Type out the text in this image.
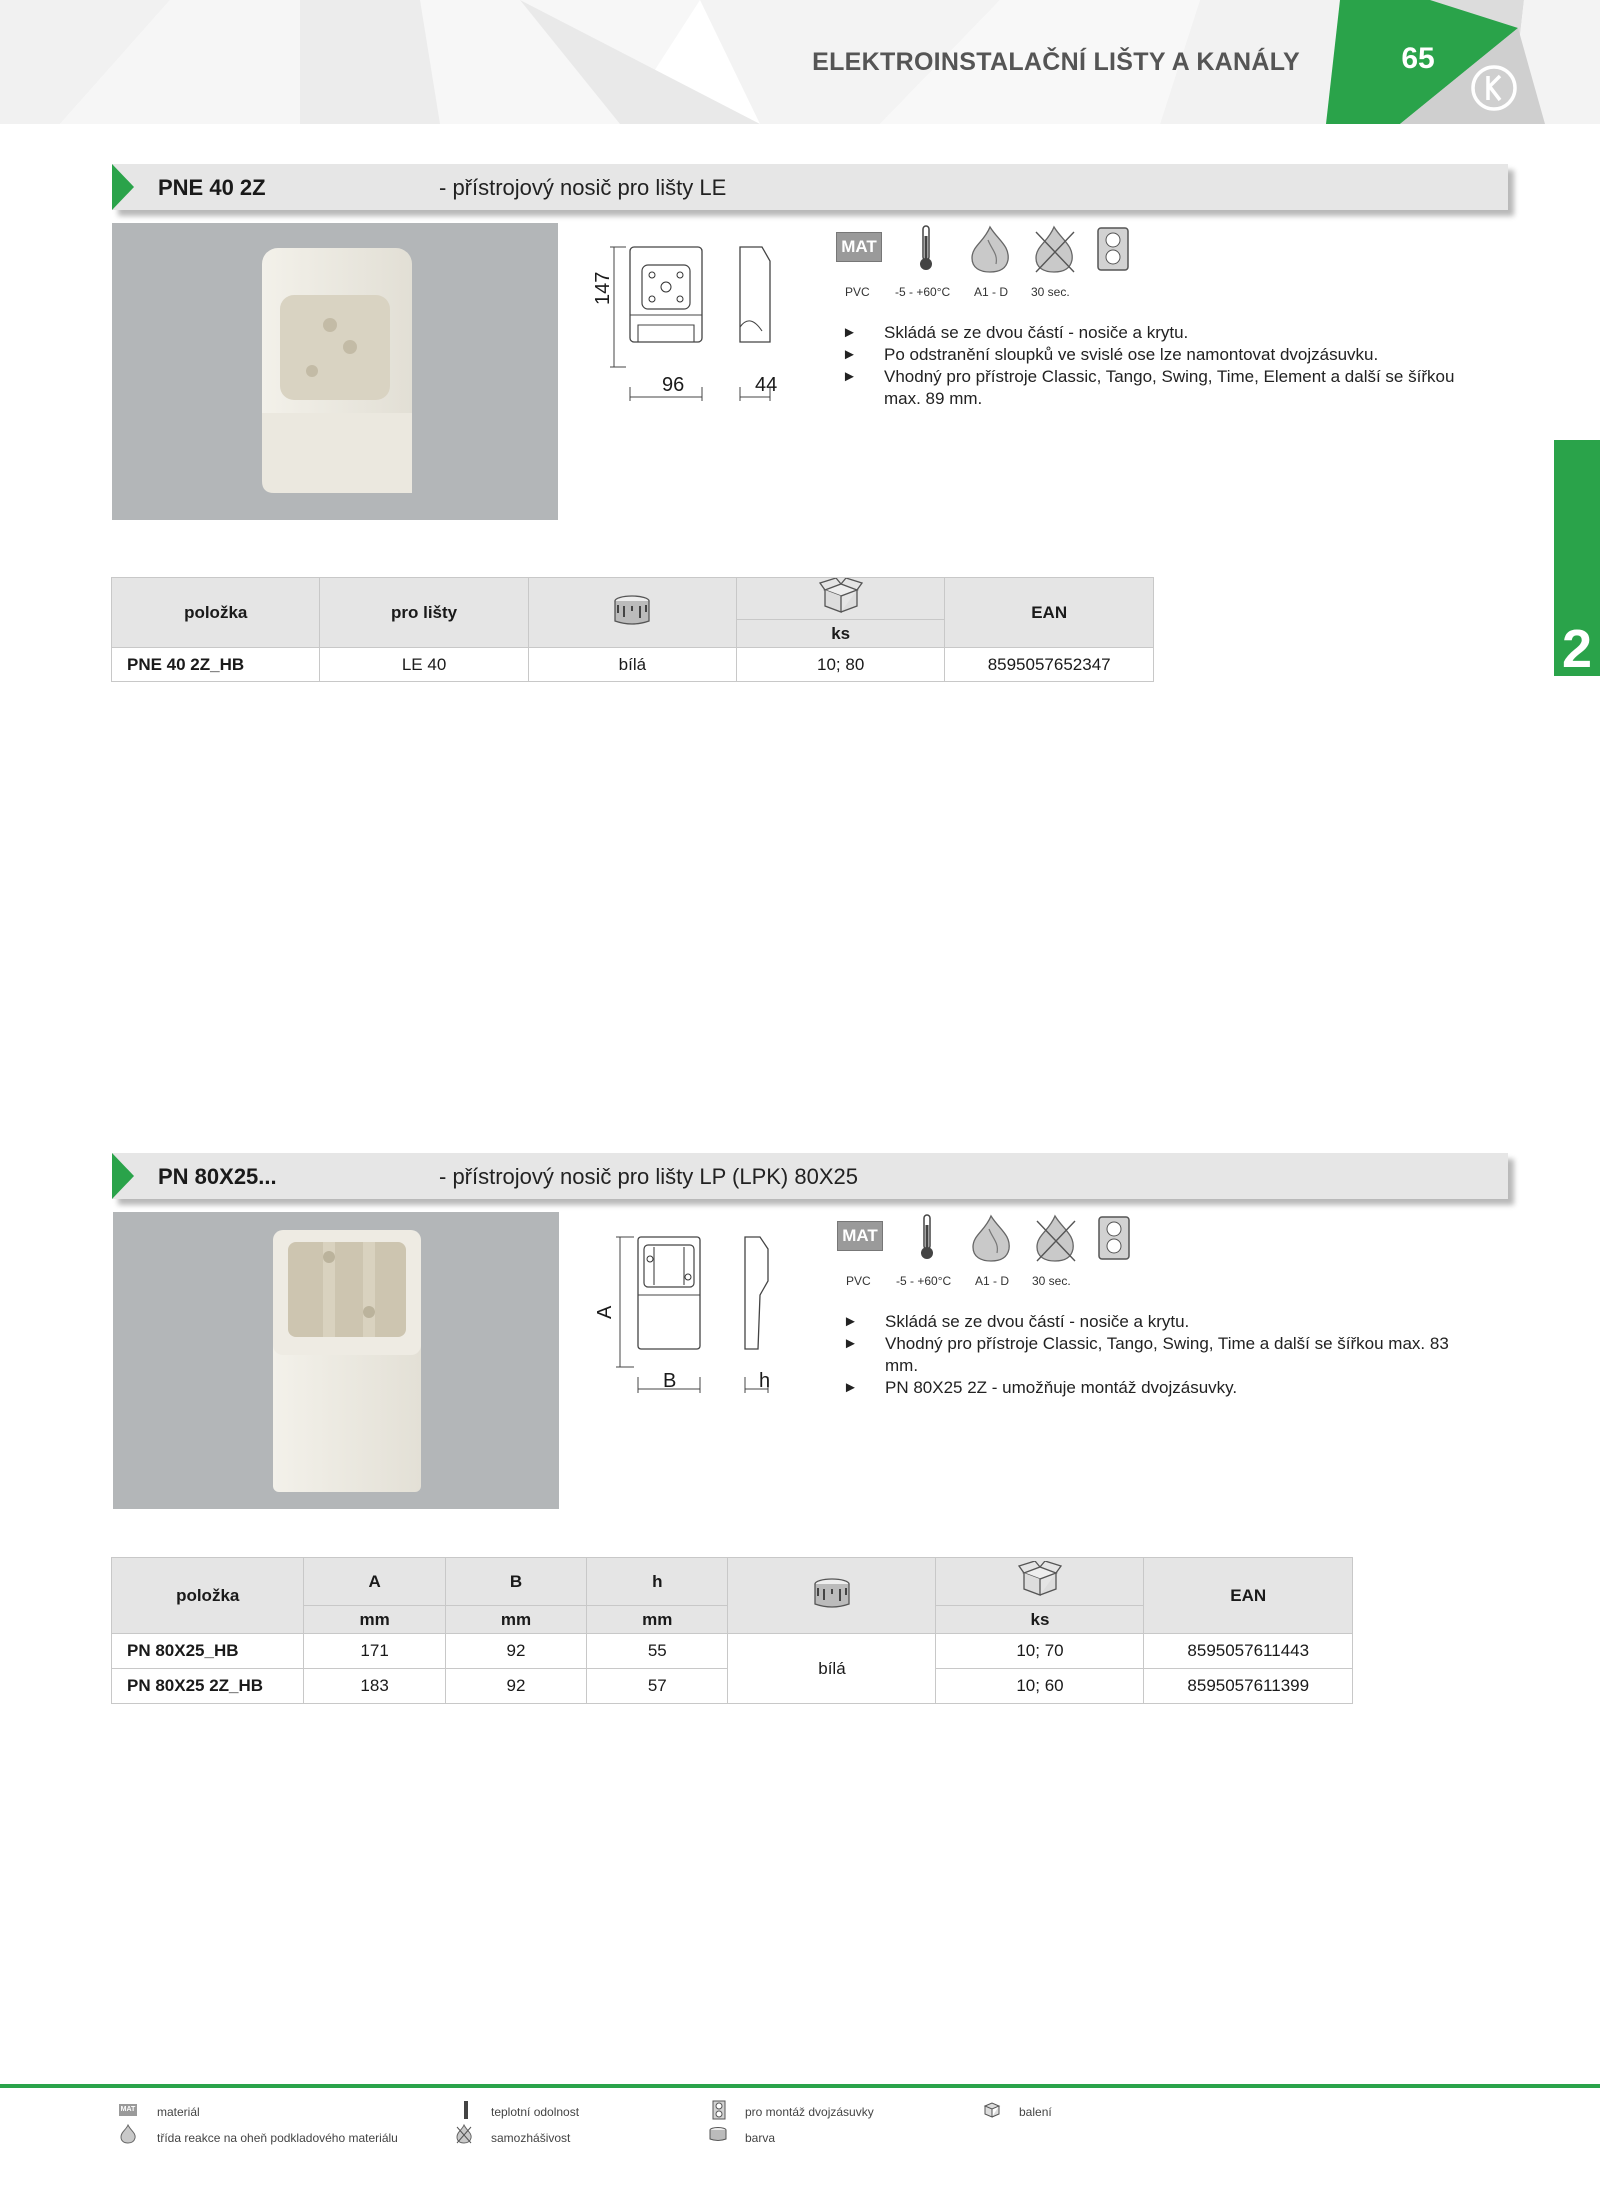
ELEKTROINSTALAČNÍ LIŠTY A KANÁLY	65
2
PNE 40 2Z	- přístrojový nosič pro lišty LE
147
96	44
MAT
PVC -5 - +60°C A1 - D 30 sec.
► Skládá se ze dvou částí - nosiče a krytu.
► Po odstranění sloupků ve svislé ose lze namontovat dvojzásuvku.
► Vhodný pro přístroje Classic, Tango, Swing, Time, Element a další se šířkou max. 89 mm.
položka	pro lišty			EAN
			ks	
PNE 40 2Z_HB	LE 40	bílá	10; 80	8595057652347
PN 80X25...	- přístrojový nosič pro lišty LP (LPK) 80X25
A
B	h
MAT
PVC -5 - +60°C A1 - D 30 sec.
► Skládá se ze dvou částí - nosiče a krytu.
► Vhodný pro přístroje Classic, Tango, Swing, Time a další se šířkou max. 83 mm.
► PN 80X25 2Z - umožňuje montáž dvojzásuvky.
položka	A	B	h			EAN
	mm	mm	mm		ks	
PN 80X25_HB	171	92	55	bílá	10; 70	8595057611443
PN 80X25 2Z_HB	183	92	57		10; 60	8595057611399
MAT materiál	teplotní odolnost	pro montáž dvojzásuvky	balení
třída reakce na oheň podkladového materiálu	samozhášivost	barva
